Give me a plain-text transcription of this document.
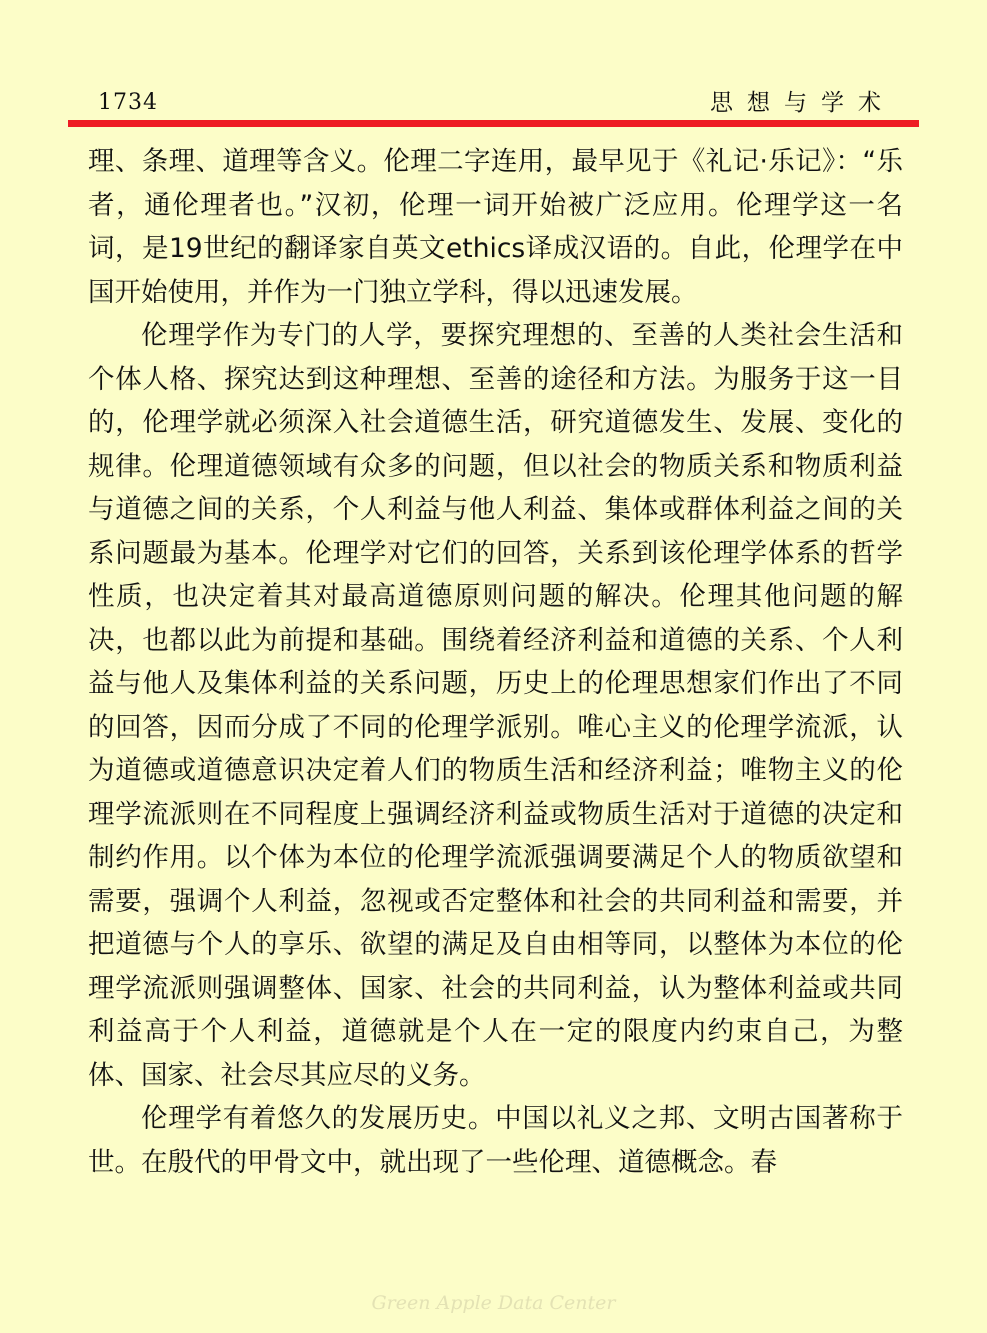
1734	思想与学术

理、条理、道理等含义。伦理二字连用，最早见于《礼记·乐记》：“乐者，通伦理者也。”汉初，伦理一词开始被广泛应用。伦理学这一名词，是19世纪的翻译家自英文ethics译成汉语的。自此，伦理学在中国开始使用，并作为一门独立学科，得以迅速发展。

伦理学作为专门的人学，要探究理想的、至善的人类社会生活和个体人格、探究达到这种理想、至善的途径和方法。为服务于这一目的，伦理学就必须深入社会道德生活，研究道德发生、发展、变化的规律。伦理道德领域有众多的问题，但以社会的物质关系和物质利益与道德之间的关系，个人利益与他人利益、集体或群体利益之间的关系问题最为基本。伦理学对它们的回答，关系到该伦理学体系的哲学性质，也决定着其对最高道德原则问题的解决。伦理其他问题的解决，也都以此为前提和基础。围绕着经济利益和道德的关系、个人利益与他人及集体利益的关系问题，历史上的伦理思想家们作出了不同的回答，因而分成了不同的伦理学派别。唯心主义的伦理学流派，认为道德或道德意识决定着人们的物质生活和经济利益；唯物主义的伦理学流派则在不同程度上强调经济利益或物质生活对于道德的决定和制约作用。以个体为本位的伦理学流派强调要满足个人的物质欲望和需要，强调个人利益，忽视或否定整体和社会的共同利益和需要，并把道德与个人的享乐、欲望的满足及自由相等同，以整体为本位的伦理学流派则强调整体、国家、社会的共同利益，认为整体利益或共同利益高于个人利益，道德就是个人在一定的限度内约束自己，为整体、国家、社会尽其应尽的义务。

伦理学有着悠久的发展历史。中国以礼义之邦、文明古国著称于世。在殷代的甲骨文中，就出现了一些伦理、道德概念。春

Green Apple Data Center
